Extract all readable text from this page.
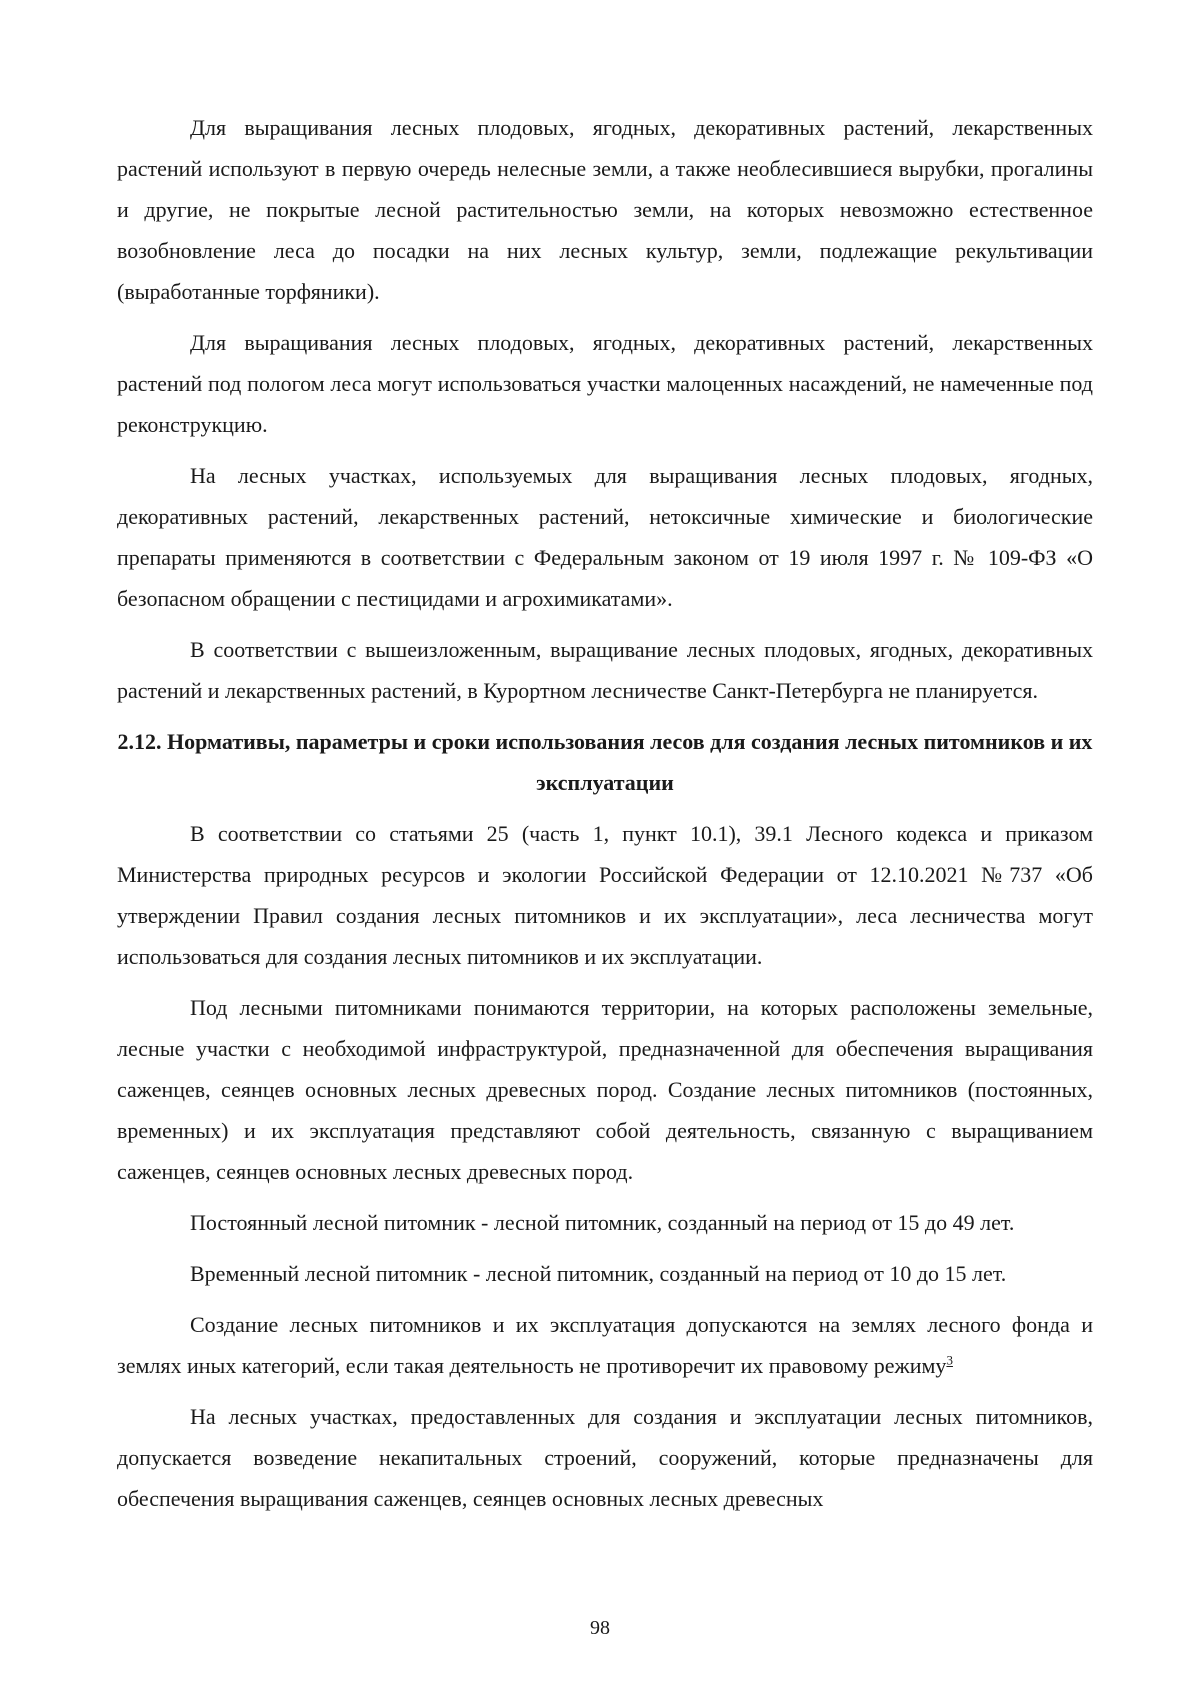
Для выращивания лесных плодовых, ягодных, декоративных растений, лекарственных растений используют в первую очередь нелесные земли, а также необлесившиеся вырубки, прогалины и другие, не покрытые лесной растительностью земли, на которых невозможно естественное возобновление леса до посадки на них лесных культур, земли, подлежащие рекультивации (выработанные торфяники).

Для выращивания лесных плодовых, ягодных, декоративных растений, лекарственных растений под пологом леса могут использоваться участки малоценных насаждений, не намеченные под реконструкцию.

На лесных участках, используемых для выращивания лесных плодовых, ягодных, декоративных растений, лекарственных растений, нетоксичные химические и биологические препараты применяются в соответствии с Федеральным законом от 19 июля 1997 г. № 109-ФЗ «О безопасном обращении с пестицидами и агрохимикатами».

В соответствии с вышеизложенным, выращивание лесных плодовых, ягодных, декоративных растений и лекарственных растений, в Курортном лесничестве Санкт-Петербурга не планируется.

2.12. Нормативы, параметры и сроки использования лесов для создания лесных питомников и их эксплуатации

В соответствии со статьями 25 (часть 1, пункт 10.1), 39.1 Лесного кодекса и приказом Министерства природных ресурсов и экологии Российской Федерации от 12.10.2021 №737 «Об утверждении Правил создания лесных питомников и их эксплуатации», леса лесничества могут использоваться для создания лесных питомников и их эксплуатации.

Под лесными питомниками понимаются территории, на которых расположены земельные, лесные участки с необходимой инфраструктурой, предназначенной для обеспечения выращивания саженцев, сеянцев основных лесных древесных пород. Создание лесных питомников (постоянных, временных) и их эксплуатация представляют собой деятельность, связанную с выращиванием саженцев, сеянцев основных лесных древесных пород.

Постоянный лесной питомник - лесной питомник, созданный на период от 15 до 49 лет.

Временный лесной питомник - лесной питомник, созданный на период от 10 до 15 лет.

Создание лесных питомников и их эксплуатация допускаются на землях лесного фонда и землях иных категорий, если такая деятельность не противоречит их правовому режиму$^3$

На лесных участках, предоставленных для создания и эксплуатации лесных питомников, допускается возведение некапитальных строений, сооружений, которые предназначены для обеспечения выращивания саженцев, сеянцев основных лесных древесных

98
